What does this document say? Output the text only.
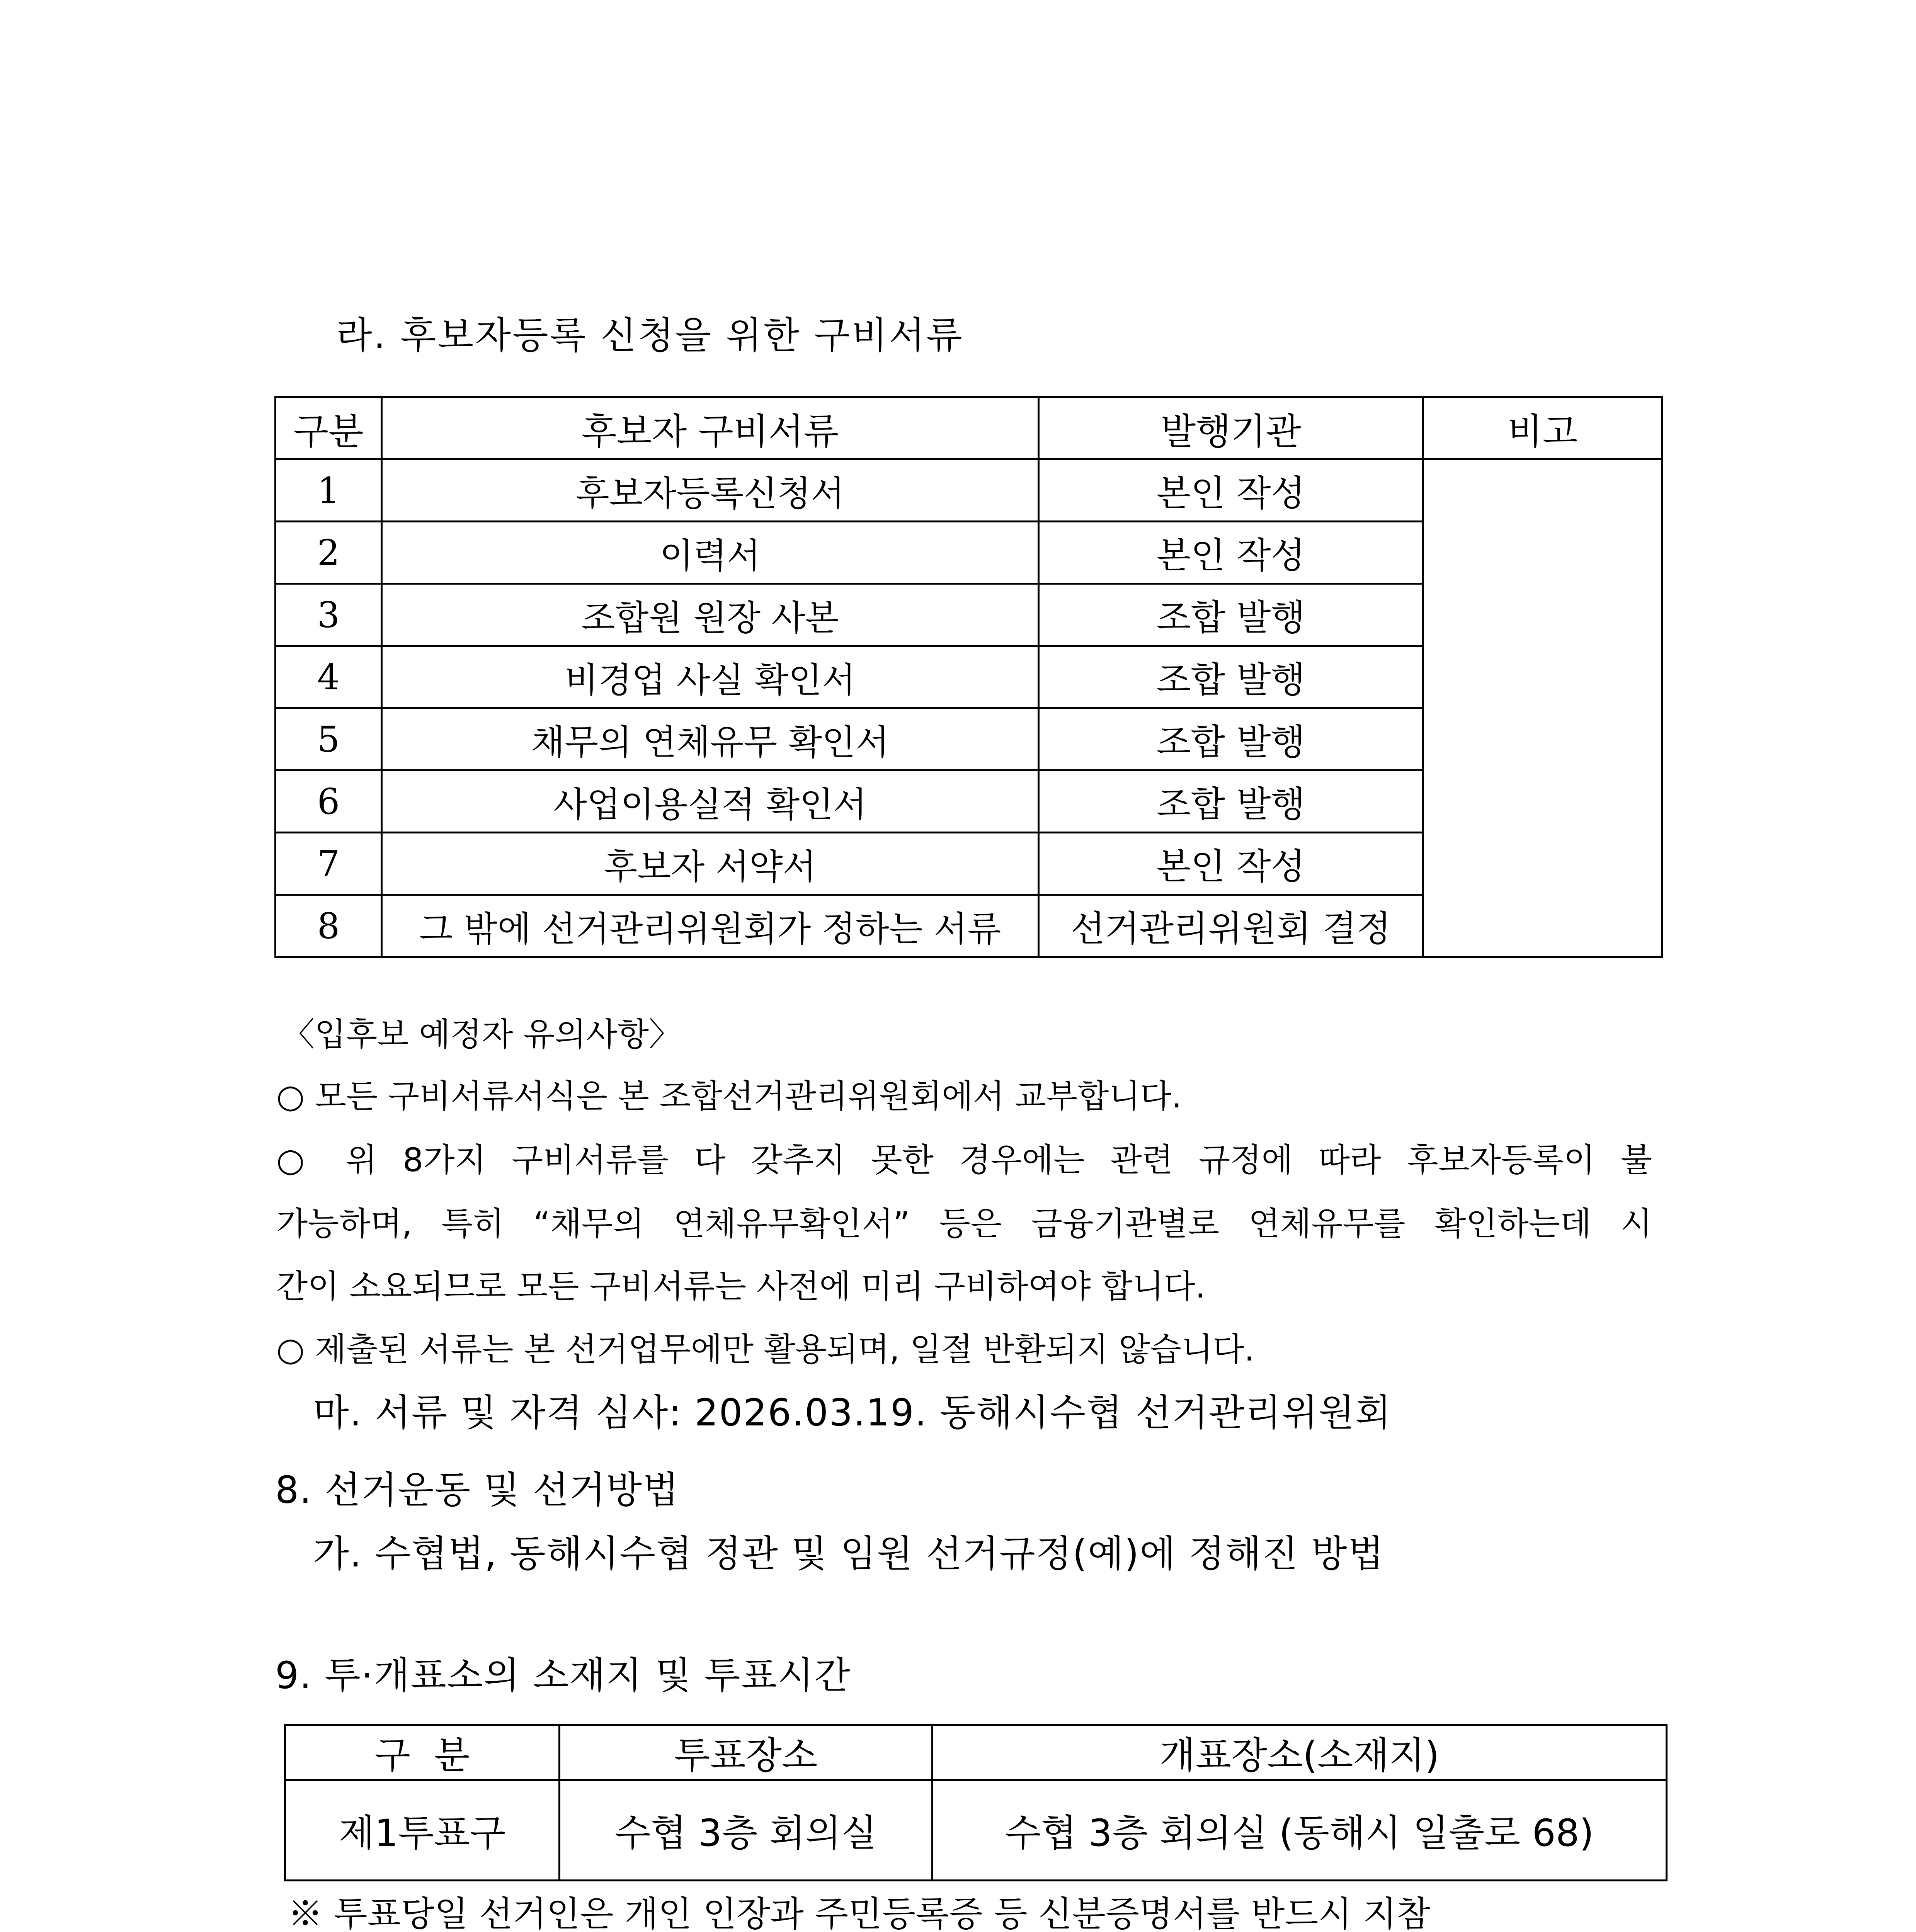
라. 후보자등록 신청을 위한 구비서류
구분	후보자 구비서류	발행기관	비고
1	후보자등록신청서	본인 작성	
2	이력서	본인 작성	
3	조합원 원장 사본	조합 발행	
4	비경업 사실 확인서	조합 발행	
5	채무의 연체유무 확인서	조합 발행	
6	사업이용실적 확인서	조합 발행	
7	후보자 서약서	본인 작성	
8	그 밖에 선거관리위원회가 정하는 서류	선거관리위원회 결정	
〈입후보 예정자 유의사항〉
○ 모든 구비서류서식은 본 조합선거관리위원회에서 교부합니다.
○ 위 8가지 구비서류를 다 갖추지 못한 경우에는 관련 규정에 따라 후보자등록이 불
가능하며, 특히 “채무의 연체유무확인서” 등은 금융기관별로 연체유무를 확인하는데 시
간이 소요되므로 모든 구비서류는 사전에 미리 구비하여야 합니다.
○ 제출된 서류는 본 선거업무에만 활용되며, 일절 반환되지 않습니다.
마. 서류 및 자격 심사: 2026.03.19. 동해시수협 선거관리위원회
8. 선거운동 및 선거방법
가. 수협법, 동해시수협 정관 및 임원 선거규정(예)에 정해진 방법
9. 투·개표소의 소재지 및 투표시간
구  분	투표장소	개표장소(소재지)
제1투표구	수협 3층 회의실	수협 3층 회의실 (동해시 일출로 68)
※ 투표당일 선거인은 개인 인장과 주민등록증 등 신분증명서를 반드시 지참
